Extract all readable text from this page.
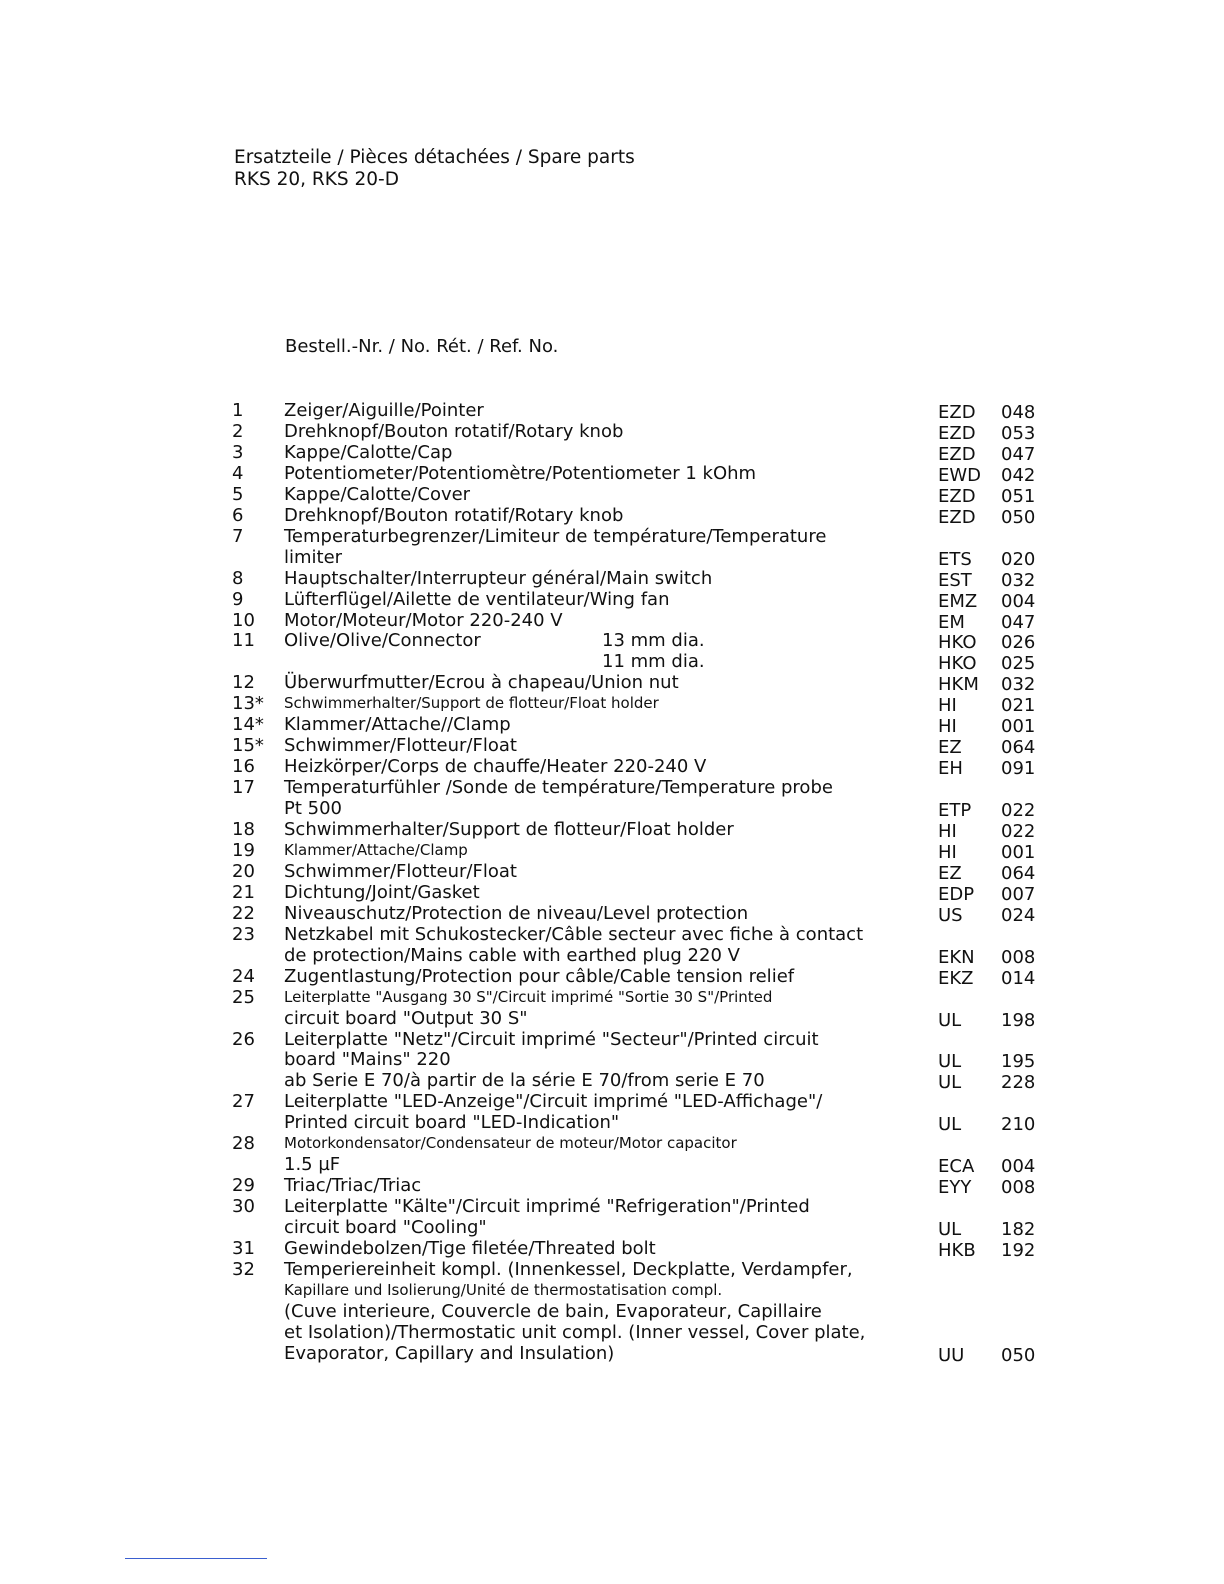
Ersatzteile / Pièces détachées / Spare parts
RKS 20, RKS 20-D
Bestell.-Nr. / No. Rét. / Ref. No.
1 Zeiger/Aiguille/Pointer	EZD 048
2 Drehknopf/Bouton rotatif/Rotary knob	EZD 053
3 Kappe/Calotte/Cap	EZD 047
4 Potentiometer/Potentiomètre/Potentiometer 1 kOhm	EWD 042
5 Kappe/Calotte/Cover	EZD 051
6 Drehknopf/Bouton rotatif/Rotary knob	EZD 050
7 Temperaturbegrenzer/Limiteur de température/Temperature
limiter	ETS 020
8 Hauptschalter/Interrupteur général/Main switch	EST 032
9 Lüfterflügel/Ailette de ventilateur/Wing fan	EMZ 004
10 Motor/Moteur/Motor 220-240 V	EM 047
11 Olive/Olive/Connector	13 mm dia.	HKO 026
11 mm dia.	HKO 025
12 Überwurfmutter/Ecrou à chapeau/Union nut	HKM 032
13* Schwimmerhalter/Support de flotteur/Float holder	HI 021
14* Klammer/Attache//Clamp	HI 001
15* Schwimmer/Flotteur/Float	EZ 064
16 Heizkörper/Corps de chauffe/Heater 220-240 V	EH 091
17 Temperaturfühler /Sonde de température/Temperature probe
Pt 500	ETP 022
18 Schwimmerhalter/Support de flotteur/Float holder	HI 022
19 Klammer/Attache/Clamp	HI 001
20 Schwimmer/Flotteur/Float	EZ 064
21 Dichtung/Joint/Gasket	EDP 007
22 Niveauschutz/Protection de niveau/Level protection	US 024
23 Netzkabel mit Schukostecker/Câble secteur avec fiche à contact
de protection/Mains cable with earthed plug 220 V	EKN 008
24 Zugentlastung/Protection pour câble/Cable tension relief	EKZ 014
25 Leiterplatte "Ausgang 30 S"/Circuit imprimé "Sortie 30 S"/Printed
circuit board "Output 30 S"	UL 198
26 Leiterplatte "Netz"/Circuit imprimé "Secteur"/Printed circuit
board "Mains" 220	UL 195
ab Serie E 70/à partir de la série E 70/from serie E 70	UL 228
27 Leiterplatte "LED-Anzeige"/Circuit imprimé "LED-Affichage"/
Printed circuit board "LED-Indication"	UL 210
28 Motorkondensator/Condensateur de moteur/Motor capacitor
1.5 µF	ECA 004
29 Triac/Triac/Triac	EYY 008
30 Leiterplatte "Kälte"/Circuit imprimé "Refrigeration"/Printed
circuit board "Cooling"	UL 182
31 Gewindebolzen/Tige filetée/Threated bolt	HKB 192
32 Temperiereinheit kompl. (Innenkessel, Deckplatte, Verdampfer,
Kapillare und Isolierung/Unité de thermostatisation compl.
(Cuve interieure, Couvercle de bain, Evaporateur, Capillaire
et Isolation)/Thermostatic unit compl. (Inner vessel, Cover plate,
Evaporator, Capillary and Insulation)	UU 050
